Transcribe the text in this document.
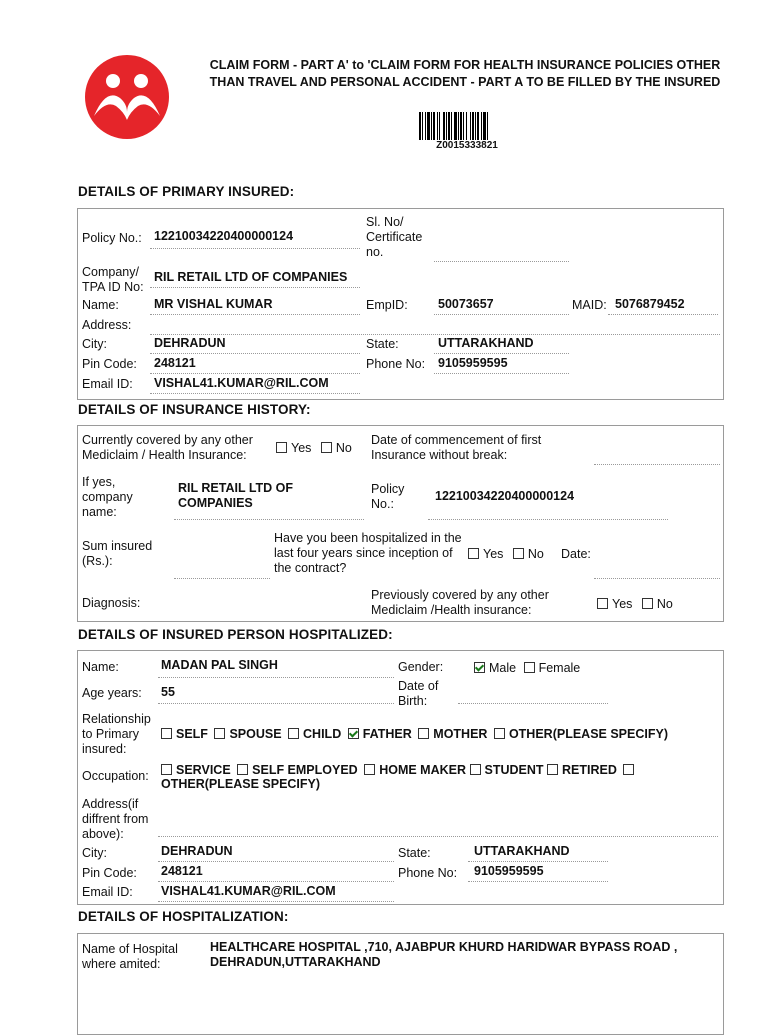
CLAIM FORM - PART A' to 'CLAIM FORM FOR HEALTH INSURANCE POLICIES OTHER THAN TRAVEL AND PERSONAL ACCIDENT - PART A TO BE FILLED BY THE INSURED
Z0015333821
DETAILS OF PRIMARY INSURED:
Policy No.: 12210034220400000124
Sl. No/ Certificate no.
Company/ TPA ID No:
RIL RETAIL LTD OF COMPANIES
Name:	MR VISHAL KUMAR	EmpID: 50073657	MAID: 5076879452
Address:
City:	DEHRADUN	State:	UTTARAKHAND
Pin Code: 248121	Phone No: 9105959595
Email ID: VISHAL41.KUMAR@RIL.COM
DETAILS OF INSURANCE HISTORY:
Currently covered by any other Mediclaim / Health Insurance:	Yes No
Date of commencement of first Insurance without break:
If yes, company name:
RIL RETAIL LTD OF COMPANIES
Policy No.:
12210034220400000124
Sum insured (Rs.):
Have you been hospitalized in the last four years since inception of the contract?
Yes No Date:
Diagnosis:
Previously covered by any other Mediclaim /Health insurance:	Yes No
DETAILS OF INSURED PERSON HOSPITALIZED:
Name:	MADAN PAL SINGH	Gender:	Male Female
Age years: 55	Date of Birth:
Relationship to Primary insured:
SELF SPOUSE CHILD FATHER MOTHER OTHER(PLEASE SPECIFY)
Occupation:	SERVICE SELF EMPLOYED HOME MAKER STUDENT RETIRED
OTHER(PLEASE SPECIFY)
Address(if diffrent from above):
City:	DEHRADUN	State:	UTTARAKHAND
Pin Code: 248121	Phone No: 9105959595
Email ID: VISHAL41.KUMAR@RIL.COM
DETAILS OF HOSPITALIZATION:
Name of Hospital where amited:
HEALTHCARE HOSPITAL ,710, AJABPUR KHURD HARIDWAR BYPASS ROAD , DEHRADUN,UTTARAKHAND
